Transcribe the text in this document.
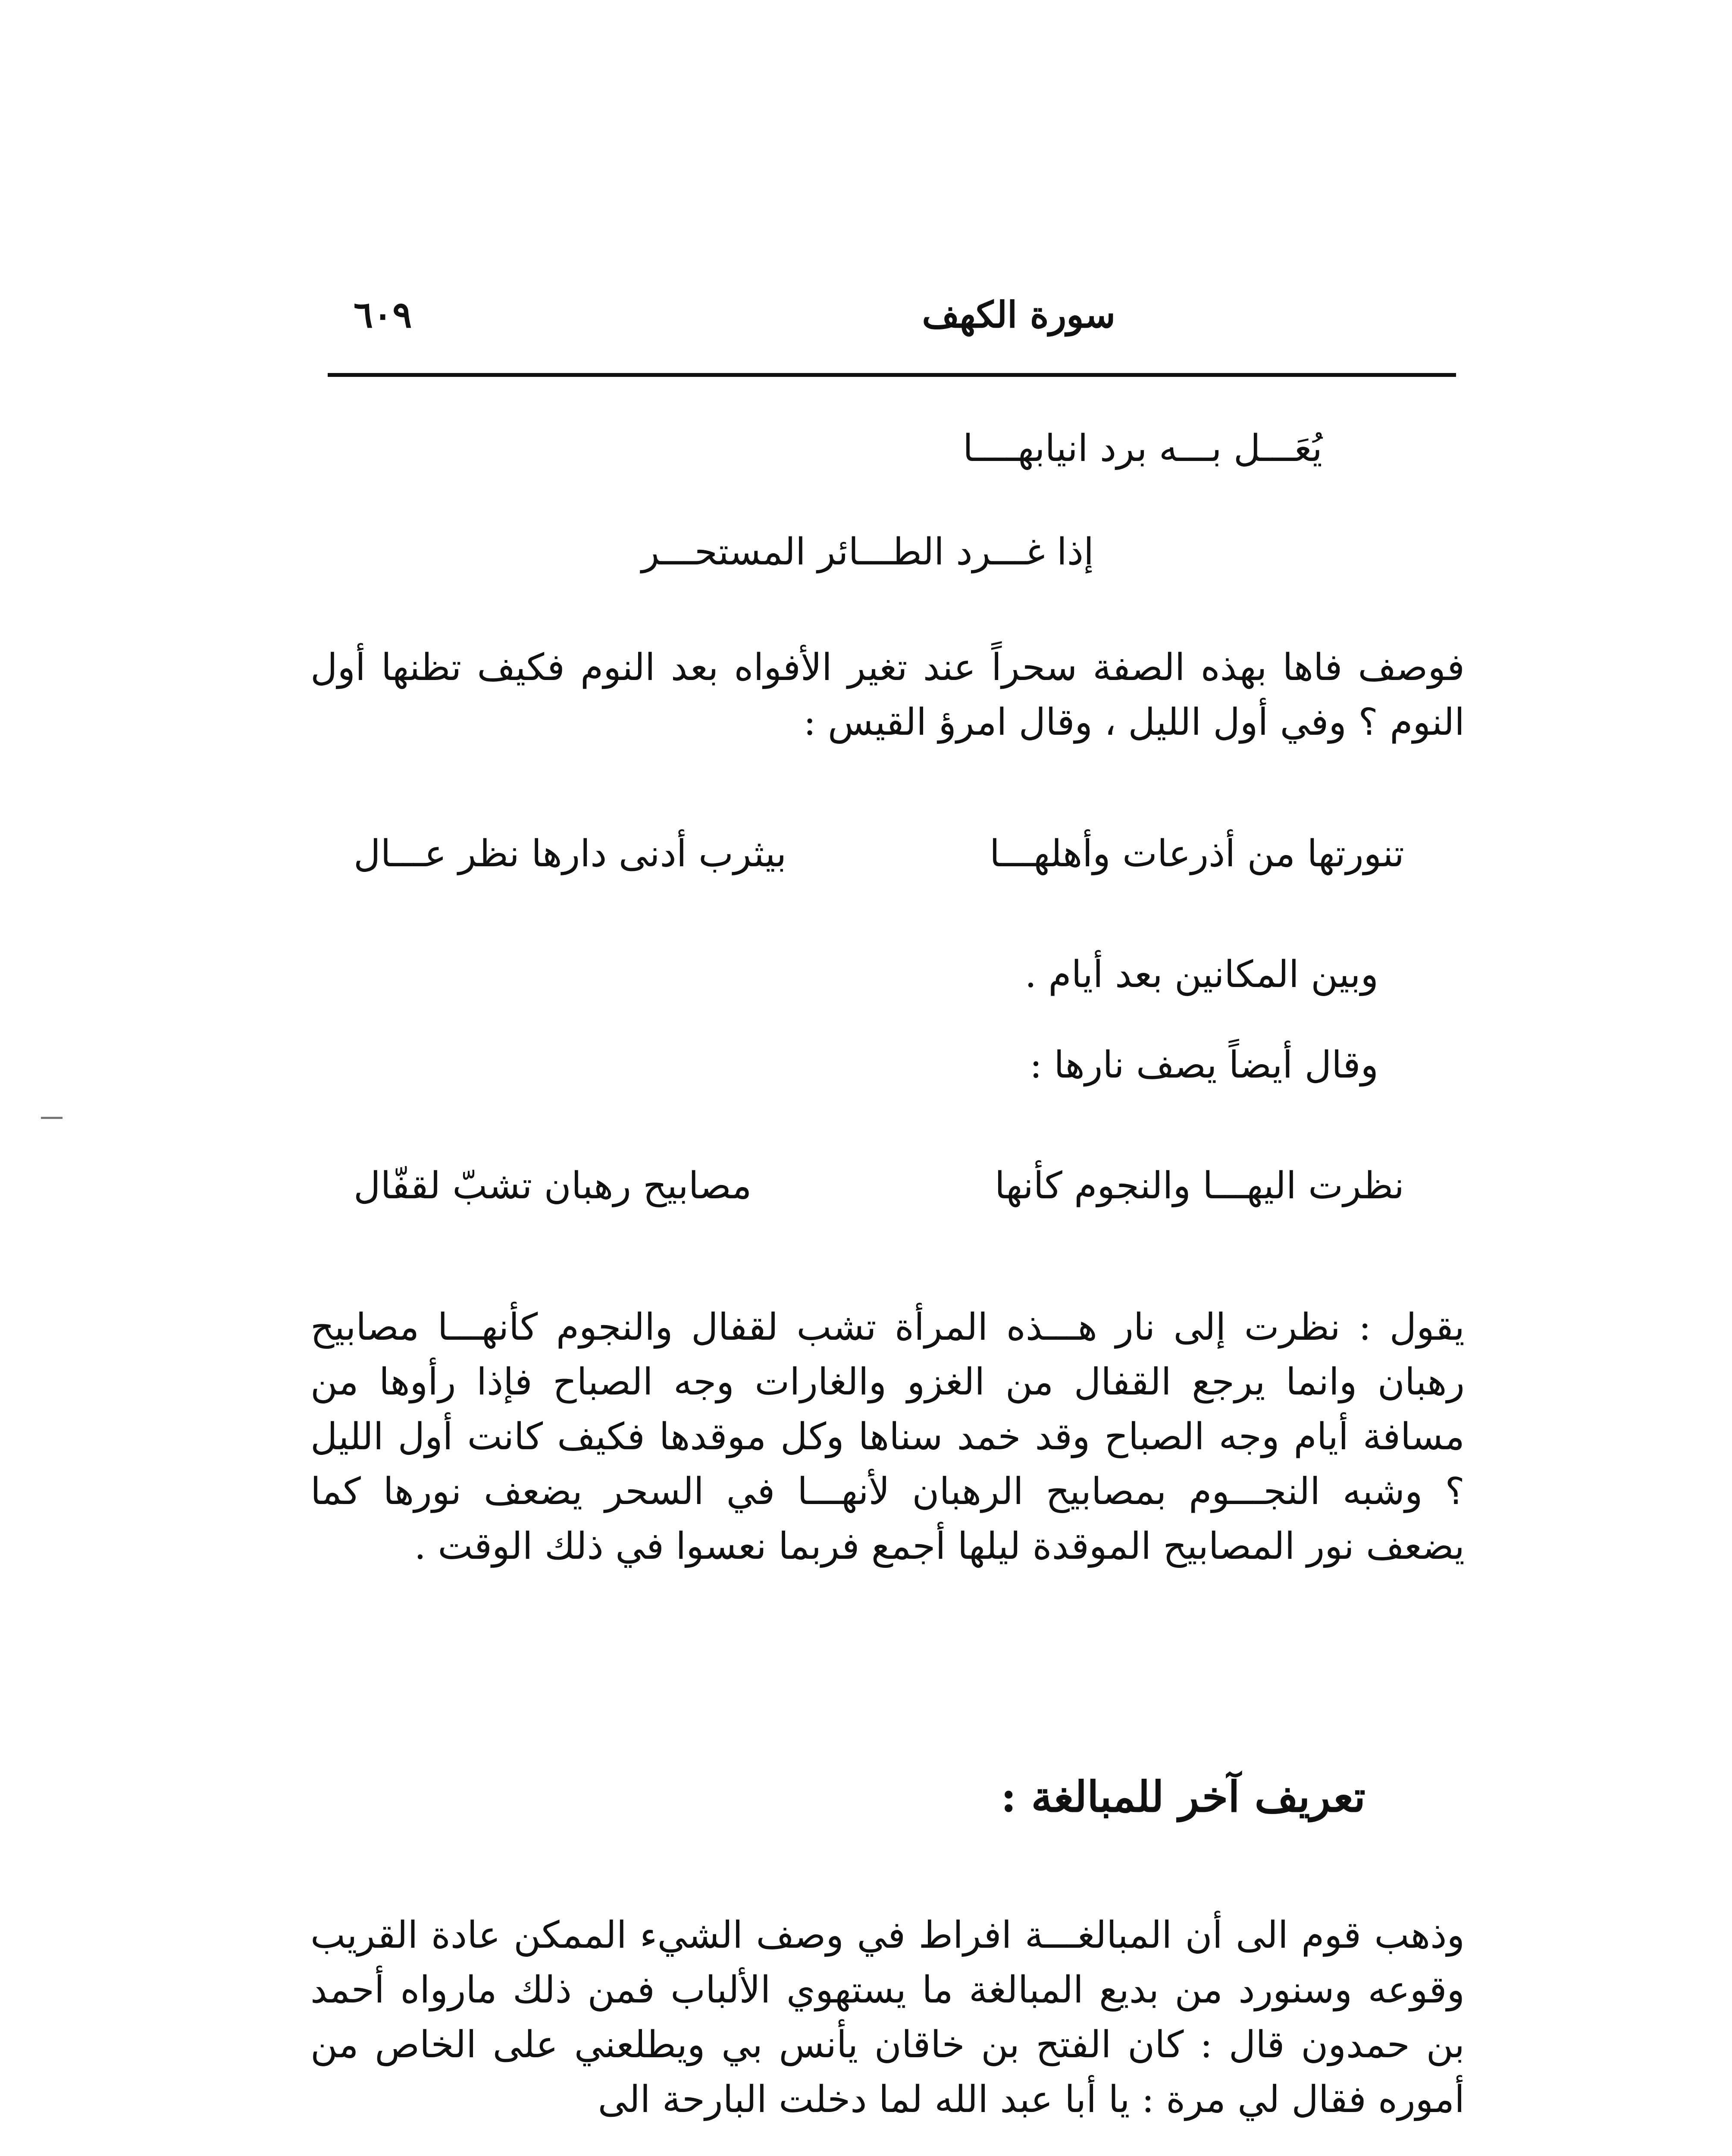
سورة الكهف
٦٠٩
يُعَـــل بـــه برد انيابهــــا
إذا غـــرد الطـــائر المستحـــر

فوصف فاها بهذه الصفة سحراً عند تغير الأفواه بعد النوم فكيف تظنها أول النوم ؟ وفي أول الليل ، وقال امرؤ القيس :

تنورتها من أذرعات وأهلهـــا
بيثرب أدنى دارها نظر عـــال
وبين المكانين بعد أيام .
وقال أيضاً يصف نارها :
نظرت اليهـــا والنجوم كأنها
مصابيح رهبان تشبّ لقفّال

يقول : نظرت إلى نار هـــذه المرأة تشب لقفال والنجوم كأنهـــا مصابيح رهبان وانما يرجع القفال من الغزو والغارات وجه الصباح فإذا رأوها من مسافة أيام وجه الصباح وقد خمد سناها وكل موقدها فكيف كانت أول الليل ؟ وشبه النجـــوم بمصابيح الرهبان لأنهـــا في السحر يضعف نورها كما يضعف نور المصابيح الموقدة ليلها أجمع فربما نعسوا في ذلك الوقت .

تعريف آخر للمبالغة :

وذهب قوم الى أن المبالغـــة افراط في وصف الشيء الممكن عادة القريب وقوعه وسنورد من بديع المبالغة ما يستهوي الألباب فمن ذلك مارواه أحمد بن حمدون قال : كان الفتح بن خاقان يأنس بي ويطلعني على الخاص من أموره فقال لي مرة : يا أبا عبد الله لما دخلت البارحة الى
